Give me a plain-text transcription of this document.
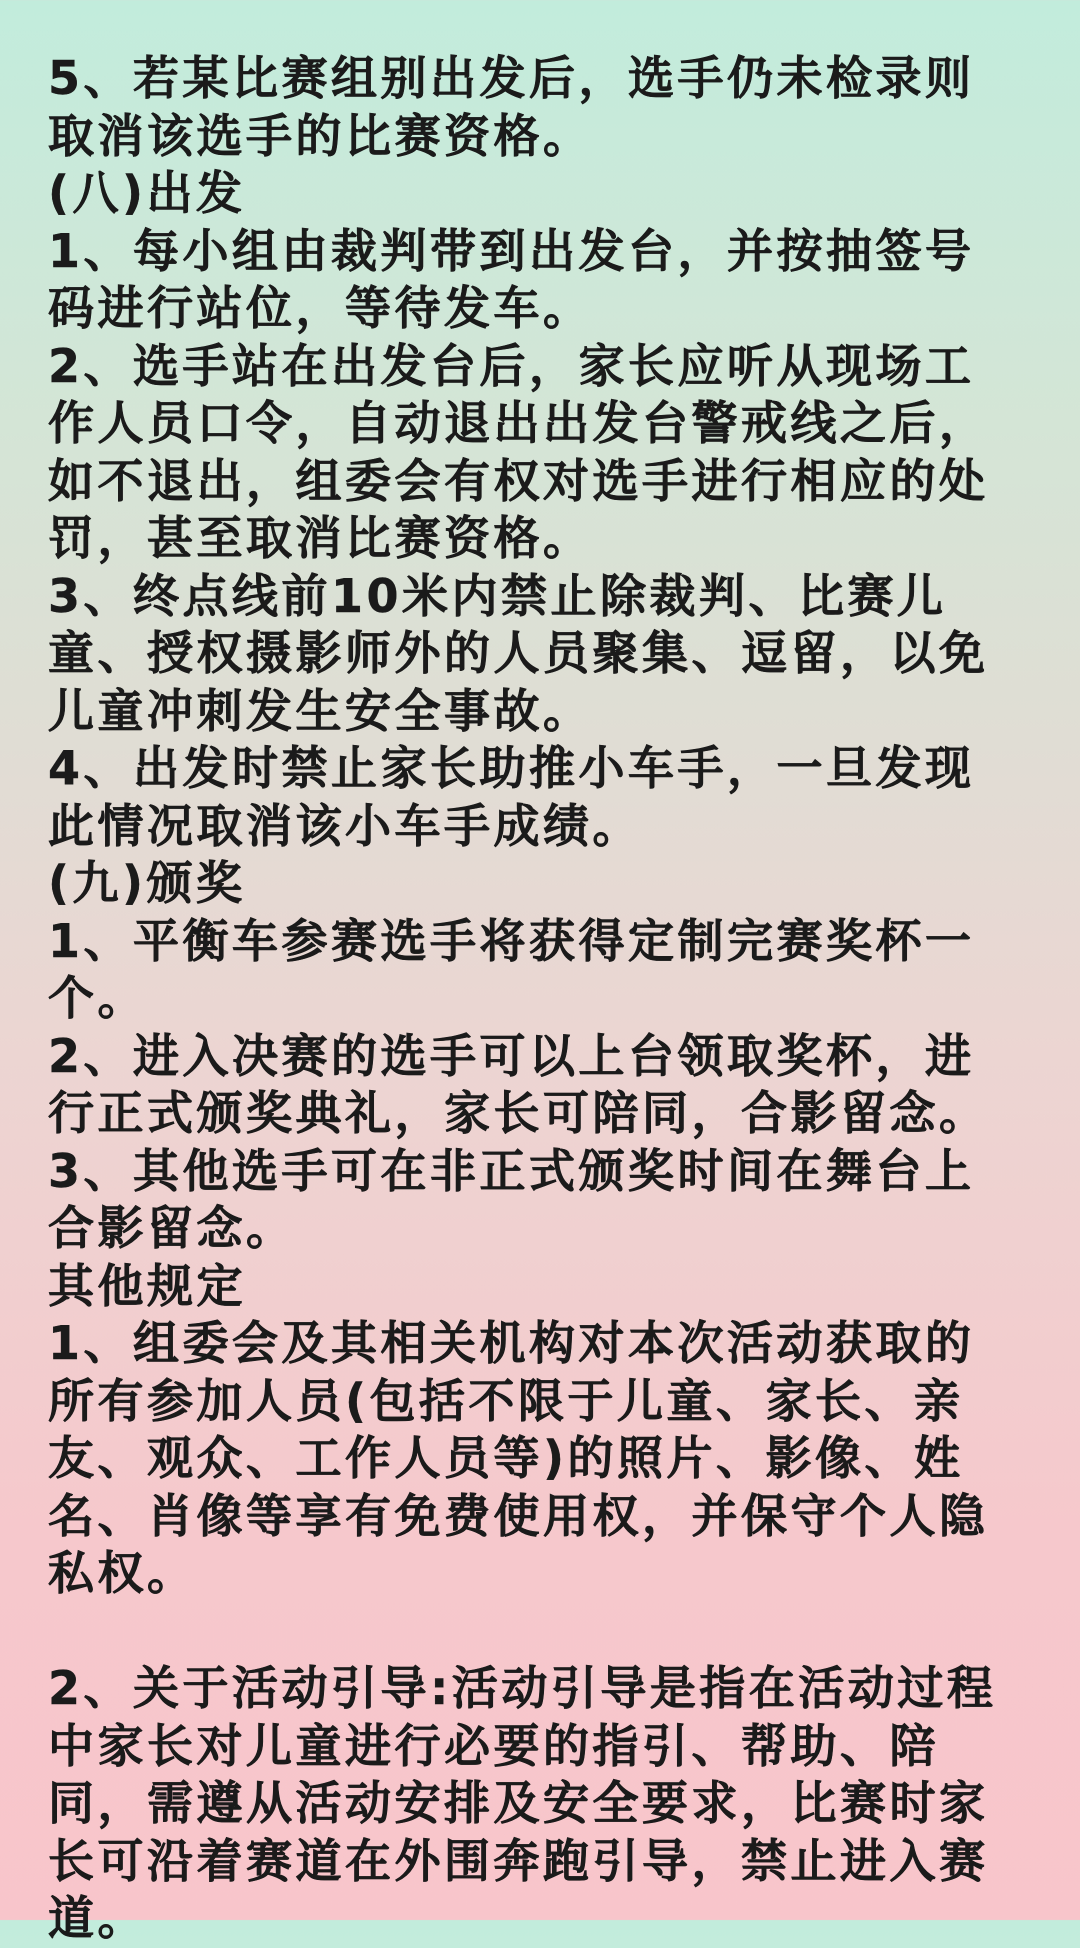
5、若某比赛组别出发后，选手仍未检录则
取消该选手的比赛资格。
(八)出发
1、每小组由裁判带到出发台，并按抽签号
码进行站位，等待发车。
2、选手站在出发台后，家长应听从现场工
作人员口令，自动退出出发台警戒线之后，
如不退出，组委会有权对选手进行相应的处
罚，甚至取消比赛资格。
3、终点线前10米内禁止除裁判、比赛儿
童、授权摄影师外的人员聚集、逗留，以免
儿童冲刺发生安全事故。
4、出发时禁止家长助推小车手，一旦发现
此情况取消该小车手成绩。
(九)颁奖
1、平衡车参赛选手将获得定制完赛奖杯一
个。
2、进入决赛的选手可以上台领取奖杯，进
行正式颁奖典礼，家长可陪同，合影留念。
3、其他选手可在非正式颁奖时间在舞台上
合影留念。
其他规定
1、组委会及其相关机构对本次活动获取的
所有参加人员(包括不限于儿童、家长、亲
友、观众、工作人员等)的照片、影像、姓
名、肖像等享有免费使用权，并保守个人隐
私权。
2、关于活动引导:活动引导是指在活动过程
中家长对儿童进行必要的指引、帮助、陪
同，需遵从活动安排及安全要求，比赛时家
长可沿着赛道在外围奔跑引导，禁止进入赛
道。
